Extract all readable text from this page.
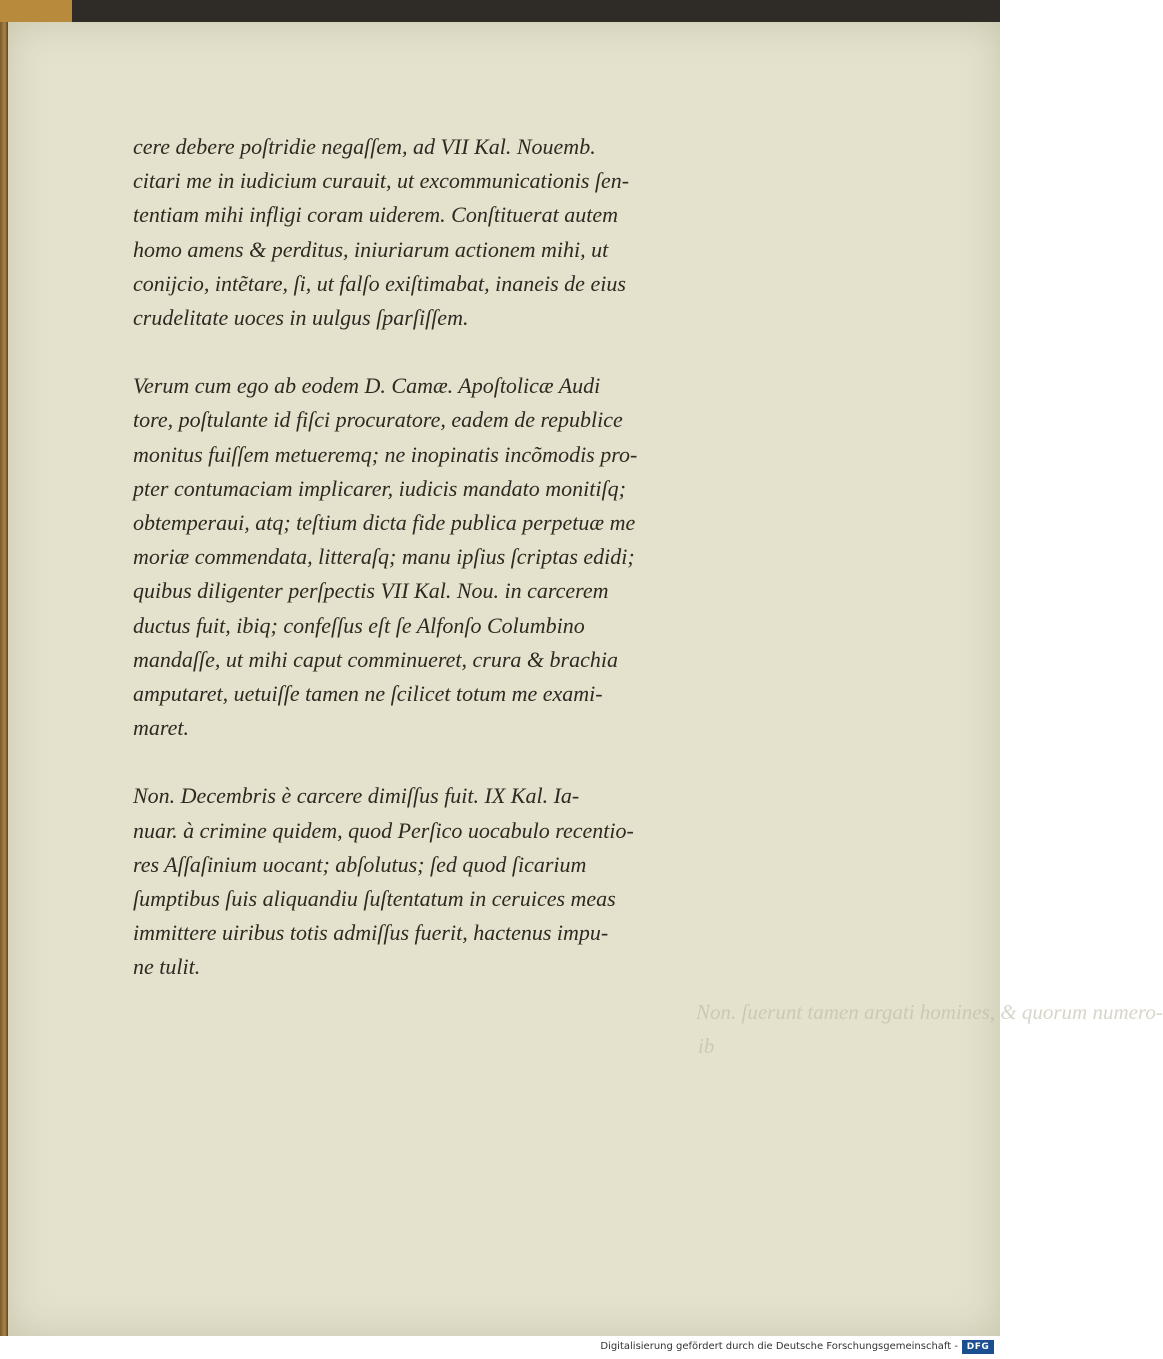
Non. ſuerunt tamen argati homines, & quorum numero-
ib
cere debere poſtridie negaſſem, ad VII Kal. Nouemb.
citari me in iudicium curauit, ut excommunicationis ſen-
tentiam mihi infligi coram uiderem. Conſtituerat autem
homo amens & perditus, iniuriarum actionem mihi, ut
conijcio, intẽtare, ſi, ut falſo exiſtimabat, inaneis de eius
crudelitate uoces in uulgus ſparſiſſem.
Verum cum ego ab eodem D. Camæ. Apoſtolicæ Audi
tore, poſtulante id fiſci procuratore, eadem de republice
monitus fuiſſem metueremq; ne inopinatis incõmodis pro-
pter contumaciam implicarer, iudicis mandato monitiſq;
obtemperaui, atq; teſtium dicta fide publica perpetuæ me
moriæ commendata, litteraſq; manu ipſius ſcriptas edidi;
quibus diligenter perſpectis VII Kal. Nou. in carcerem
ductus fuit, ibiq; confeſſus eſt ſe Alfonſo Columbino
mandaſſe, ut mihi caput comminueret, crura & brachia
amputaret, uetuiſſe tamen ne ſcilicet totum me exami-
maret.
Non. Decembris è carcere dimiſſus fuit. IX Kal. Ia-
nuar. à crimine quidem, quod Perſico uocabulo recentio-
res Aſſaſinium uocant; abſolutus; ſed quod ſicarium
ſumptibus ſuis aliquandiu ſuſtentatum in ceruices meas
immittere uiribus totis admiſſus fuerit, hactenus impu-
ne tulit.
Digitalisierung gefördert durch die Deutsche Forschungsgemeinschaft - DFG
